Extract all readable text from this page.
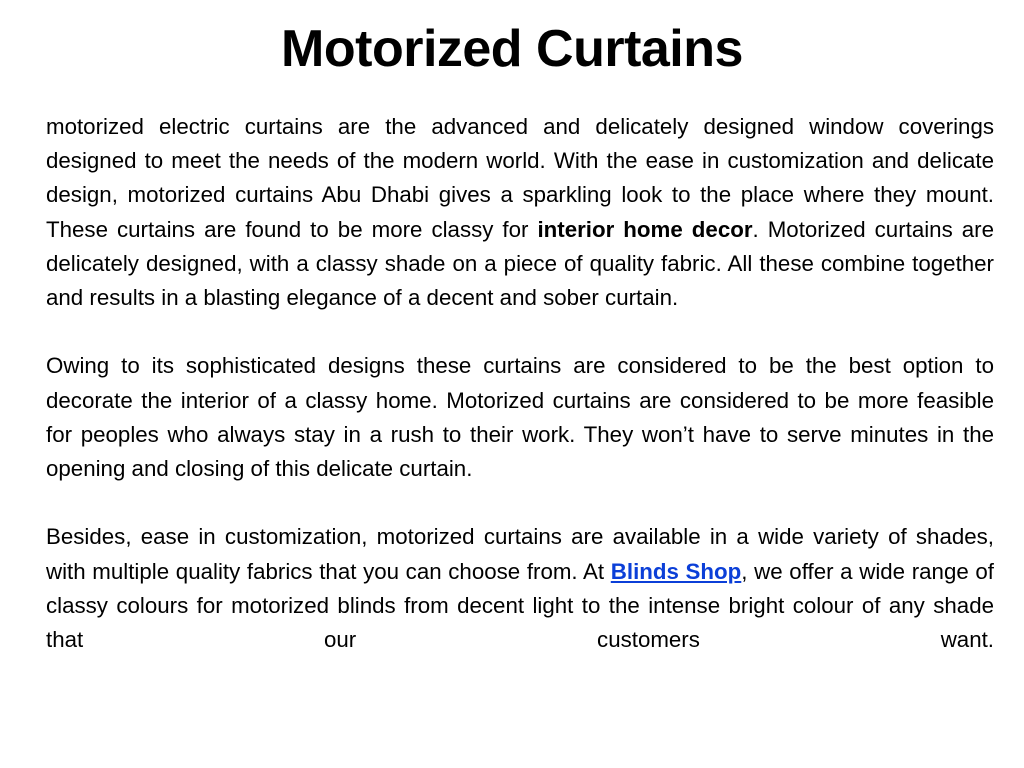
Motorized Curtains

motorized electric curtains are the advanced and delicately designed window coverings designed to meet the needs of the modern world. With the ease in customization and delicate design, motorized curtains Abu Dhabi gives a sparkling look to the place where they mount. These curtains are found to be more classy for interior home decor. Motorized curtains are delicately designed, with a classy shade on a piece of quality fabric. All these combine together and results in a blasting elegance of a decent and sober curtain.

Owing to its sophisticated designs these curtains are considered to be the best option to decorate the interior of a classy home. Motorized curtains are considered to be more feasible for peoples who always stay in a rush to their work. They won’t have to serve minutes in the opening and closing of this delicate curtain.

Besides, ease in customization, motorized curtains are available in a wide variety of shades, with multiple quality fabrics that you can choose from. At Blinds Shop, we offer a wide range of classy colours for motorized blinds from decent light to the intense bright colour of any shade that our customers want.
